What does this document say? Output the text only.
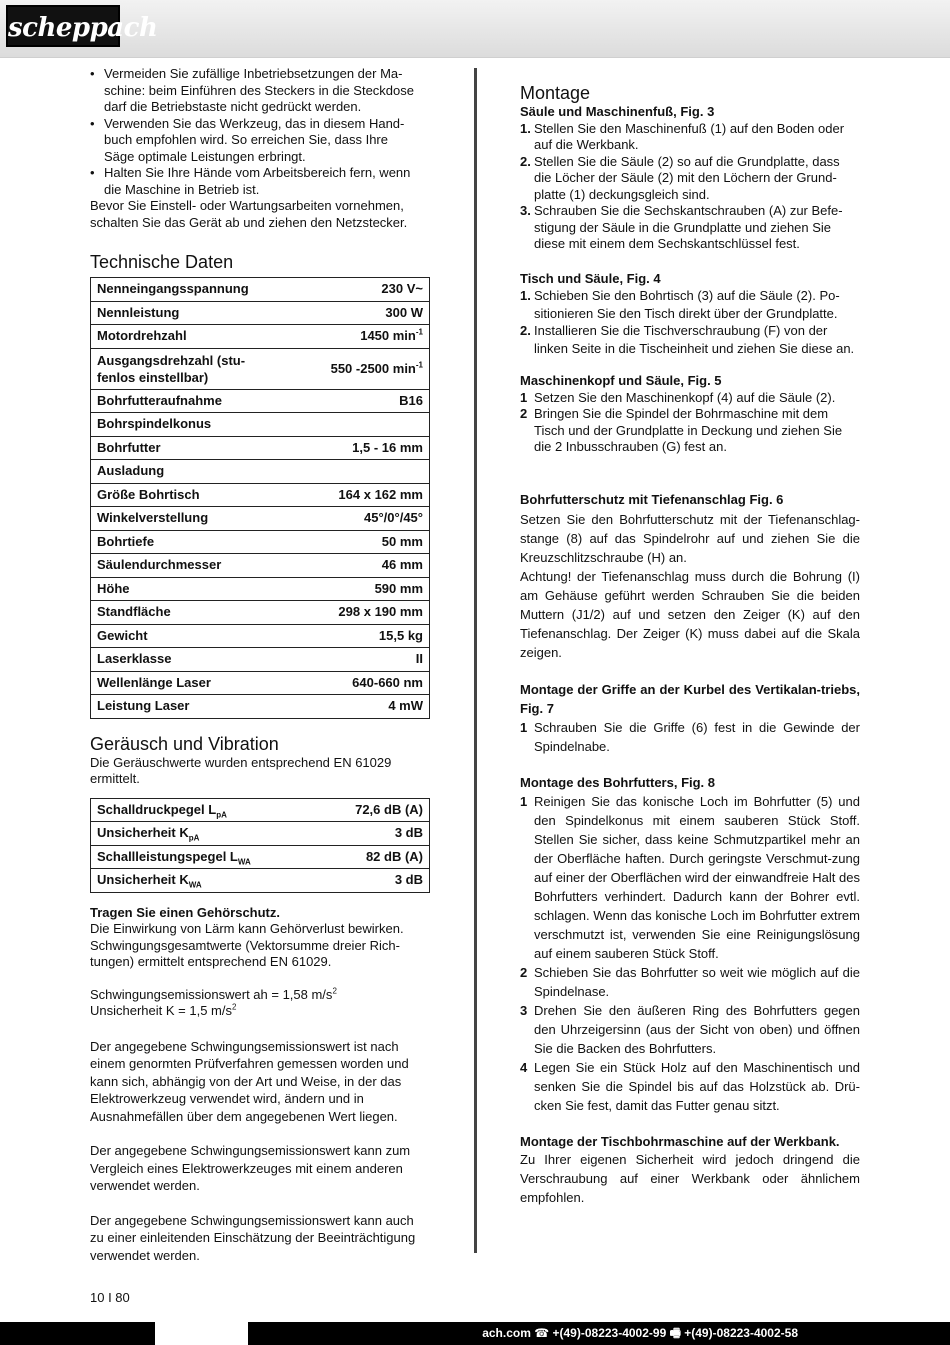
scheppach
• Vermeiden Sie zufällige Inbetriebsetzungen der Ma-
schine: beim Einführen des Steckers in die Steckdose
darf die Betriebstaste nicht gedrückt werden.
• Verwenden Sie das Werkzeug, das in diesem Hand-
buch empfohlen wird. So erreichen Sie, dass Ihre
Säge optimale Leistungen erbringt.
• Halten Sie Ihre Hände vom Arbeitsbereich fern, wenn
die Maschine in Betrieb ist.

Bevor Sie Einstell- oder Wartungsarbeiten vornehmen, schalten Sie das Gerät ab und ziehen den Netzstecker.

Technische Daten
Nenneingangsspannung	230 V~
Nennleistung	300 W
Motordrehzahl	1450 $\min^{-1}$
Ausgangsdrehzahl (stu-
fenlos einstellbar)	550 -2500 $\min^{-1}$
Bohrfutteraufnahme	B16
Bohrspindelkonus	
Bohrfutter	1,5 - 16 mm
Ausladung	
Größe Bohrtisch	164 x 162 mm
Winkelverstellung	45°/0°/45°
Bohrtiefe	50 mm
Säulendurchmesser	46 mm
Höhe	590 mm
Standfläche	298 x 190 mm
Gewicht	15,5 kg
Laserklasse	II
Wellenlänge Laser	640-660 nm
Leistung Laser	4 mW
Geräusch und Vibration

Die Geräuschwerte wurden entsprechend EN 61029 ermittelt.

Schalldruckpegel $L_{pA}$	72,6 dB (A)
Unsicherheit $K_{pA}$	3 dB
Schallleistungspegel $L_{WA}$	82 dB (A)
Unsicherheit $K_{WA}$	3 dB

Tragen Sie einen Gehörschutz.

Die Einwirkung von Lärm kann Gehörverlust bewirken. Schwingungsgesamtwerte (Vektorsumme dreier Rich-tungen) ermittelt entsprechend EN 61029.

Schwingungsemissionswert ah = 1,58 $m/s^2$
Unsicherheit K = 1,5 $m/s^2$

Der angegebene Schwingungsemissionswert ist nach einem genormten Prüfverfahren gemessen worden und kann sich, abhängig von der Art und Weise, in der das Elektrowerkzeug verwendet wird, ändern und in Ausnahmefällen über dem angegebenen Wert liegen.

Der angegebene Schwingungsemissionswert kann zum Vergleich eines Elektrowerkzeuges mit einem anderen verwendet werden.

Der angegebene Schwingungsemissionswert kann auch zu einer einleitenden Einschätzung der Beeinträchtigung verwendet werden.

Montage
Säule und Maschinenfuß, Fig. 3
1. Stellen Sie den Maschinenfuß (1) auf den Boden oder auf die Werkbank.
2. Stellen Sie die Säule (2) so auf die Grundplatte, dass die Löcher der Säule (2) mit den Löchern der Grund-platte (1) deckungsgleich sind.
3. Schrauben Sie die Sechskantschrauben (A) zur Befe-stigung der Säule in die Grundplatte und ziehen Sie diese mit einem dem Sechskantschlüssel fest.
Tisch und Säule, Fig. 4
1. Schieben Sie den Bohrtisch (3) auf die Säule (2). Po-sitionieren Sie den Tisch direkt über der Grundplatte.
2. Installieren Sie die Tischverschraubung (F) von der linken Seite in die Tischeinheit und ziehen Sie diese an.
Maschinenkopf und Säule, Fig. 5
1 Setzen Sie den Maschinenkopf (4) auf die Säule (2).
2 Bringen Sie die Spindel der Bohrmaschine mit dem Tisch und der Grundplatte in Deckung und ziehen Sie die 2 Inbusschrauben (G) fest an.
Bohrfutterschutz mit Tiefenanschlag Fig. 6

Setzen Sie den Bohrfutterschutz mit der Tiefenanschlag-stange (8) auf das Spindelrohr auf und ziehen Sie die Kreuzschlitzschraube (H) an.

Achtung! der Tiefenanschlag muss durch die Bohrung (I) am Gehäuse geführt werden Schrauben Sie die beiden Muttern (J1/2) auf und setzen den Zeiger (K) auf den Tiefenanschlag. Der Zeiger (K) muss dabei auf die Skala zeigen.

Montage der Griffe an der Kurbel des Vertikalan-triebs, Fig. 7
1 Schrauben Sie die Griffe (6) fest in die Gewinde der Spindelnabe.
Montage des Bohrfutters, Fig. 8
1 Reinigen Sie das konische Loch im Bohrfutter (5) und den Spindelkonus mit einem sauberen Stück Stoff. Stellen Sie sicher, dass keine Schmutzpartikel mehr an der Oberfläche haften. Durch geringste Verschmut-zung auf einer der Oberflächen wird der einwandfreie Halt des Bohrfutters verhindert. Dadurch kann der Bohrer evtl. schlagen. Wenn das konische Loch im Bohrfutter extrem verschmutzt ist, verwenden Sie eine Reinigungslösung auf einem sauberen Stück Stoff.
2 Schieben Sie das Bohrfutter so weit wie möglich auf die Spindelnase.
3 Drehen Sie den äußeren Ring des Bohrfutters gegen den Uhrzeigersinn (aus der Sicht von oben) und öffnen Sie die Backen des Bohrfutters.
4 Legen Sie ein Stück Holz auf den Maschinentisch und senken Sie die Spindel bis auf das Holzstück ab. Drü-cken Sie fest, damit das Futter genau sitzt.
Montage der Tischbohrmaschine auf der Werkbank.

Zu Ihrer eigenen Sicherheit wird jedoch dringend die Verschraubung auf einer Werkbank oder ähnlichem empfohlen.

10 I 80
ach.com ☎ +(49)-08223-4002-99 🖷 +(49)-08223-4002-58
